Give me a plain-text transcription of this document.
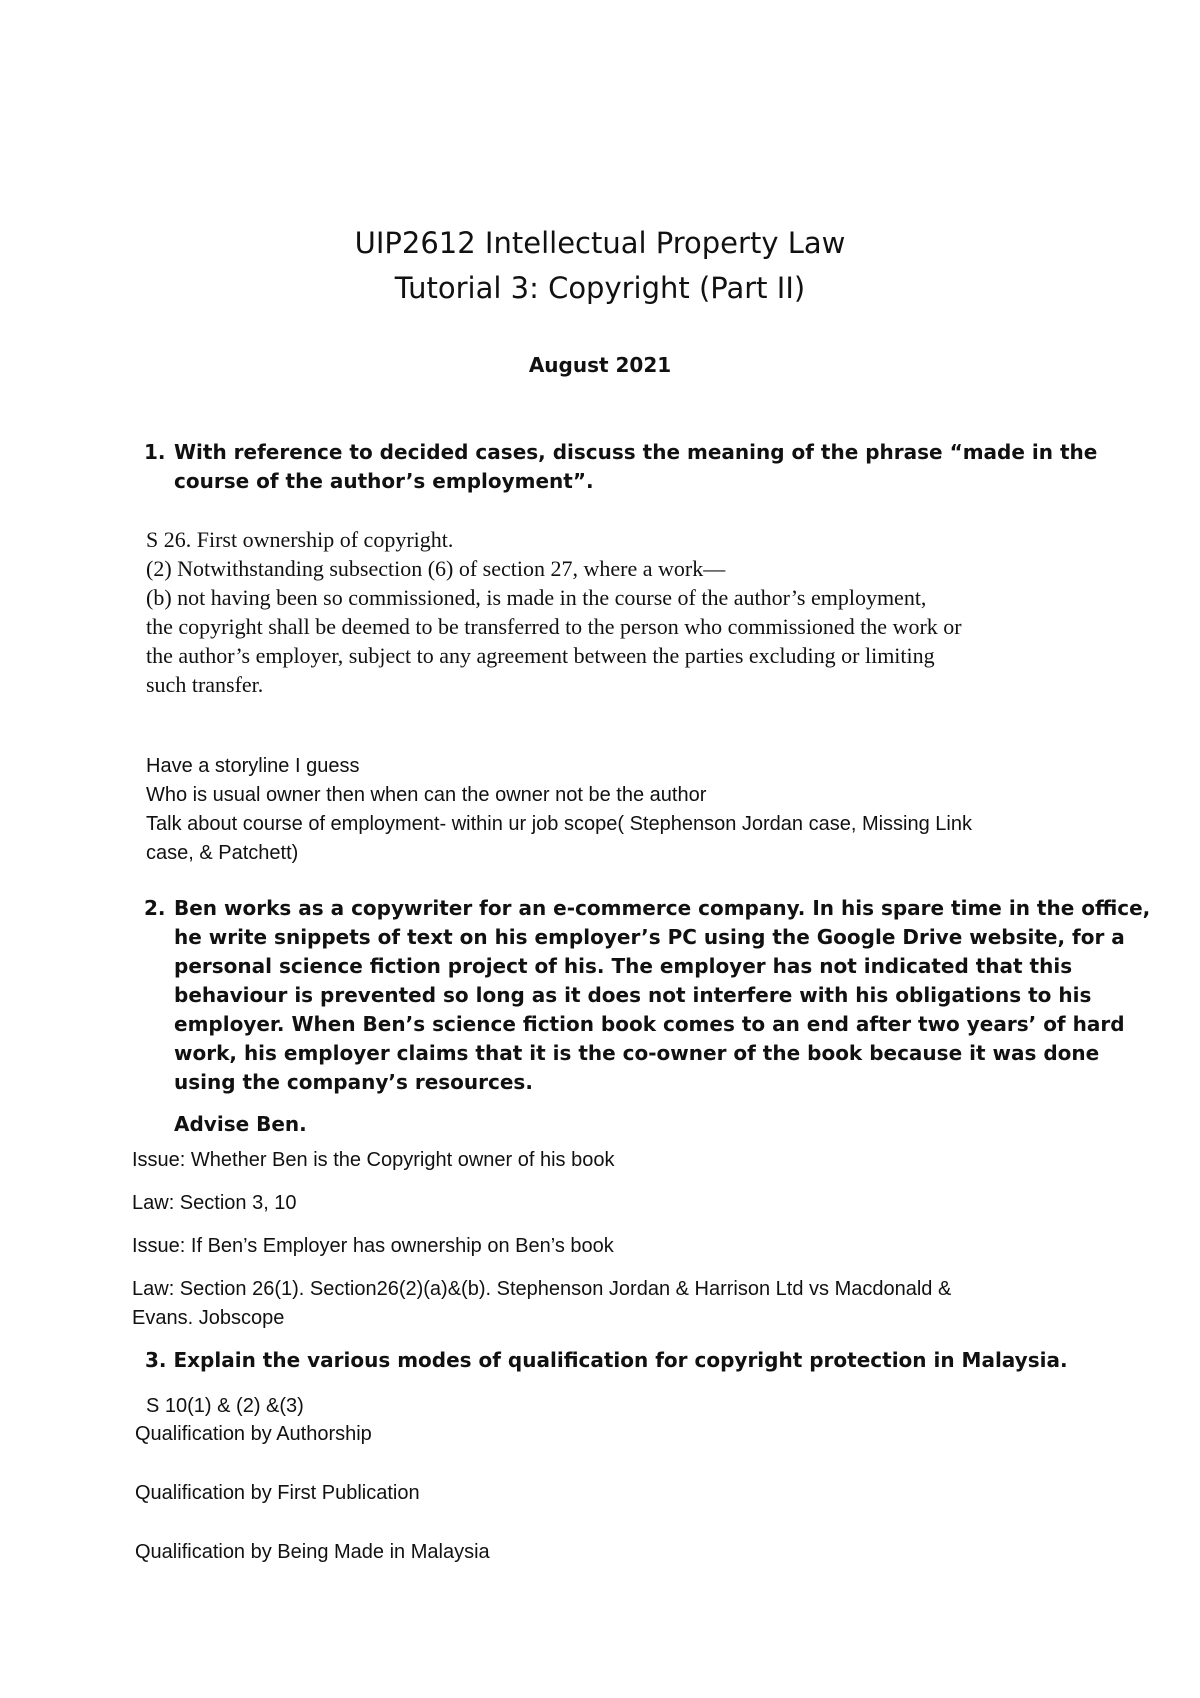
UIP2612 Intellectual Property Law
Tutorial 3: Copyright (Part II)
August 2021
1. With reference to decided cases, discuss the meaning of the phrase “made in the
course of the author’s employment”.
S 26. First ownership of copyright.
(2) Notwithstanding subsection (6) of section 27, where a work—
(b) not having been so commissioned, is made in the course of the author’s employment,
the copyright shall be deemed to be transferred to the person who commissioned the work or
the author’s employer, subject to any agreement between the parties excluding or limiting
such transfer.
Have a storyline I guess
Who is usual owner then when can the owner not be the author
Talk about course of employment- within ur job scope( Stephenson Jordan case, Missing Link
case, & Patchett)
2. Ben works as a copywriter for an e-commerce company. In his spare time in the office,
he write snippets of text on his employer’s PC using the Google Drive website, for a
personal science fiction project of his. The employer has not indicated that this
behaviour is prevented so long as it does not interfere with his obligations to his
employer. When Ben’s science fiction book comes to an end after two years’ of hard
work, his employer claims that it is the co-owner of the book because it was done
using the company’s resources.
Advise Ben.
Issue: Whether Ben is the Copyright owner of his book
Law: Section 3, 10
Issue: If Ben’s Employer has ownership on Ben’s book
Law: Section 26(1). Section26(2)(a)&(b). Stephenson Jordan & Harrison Ltd vs Macdonald &
Evans. Jobscope
3. Explain the various modes of qualification for copyright protection in Malaysia.
S 10(1) & (2) &(3)
Qualification by Authorship
Qualification by First Publication
Qualification by Being Made in Malaysia
